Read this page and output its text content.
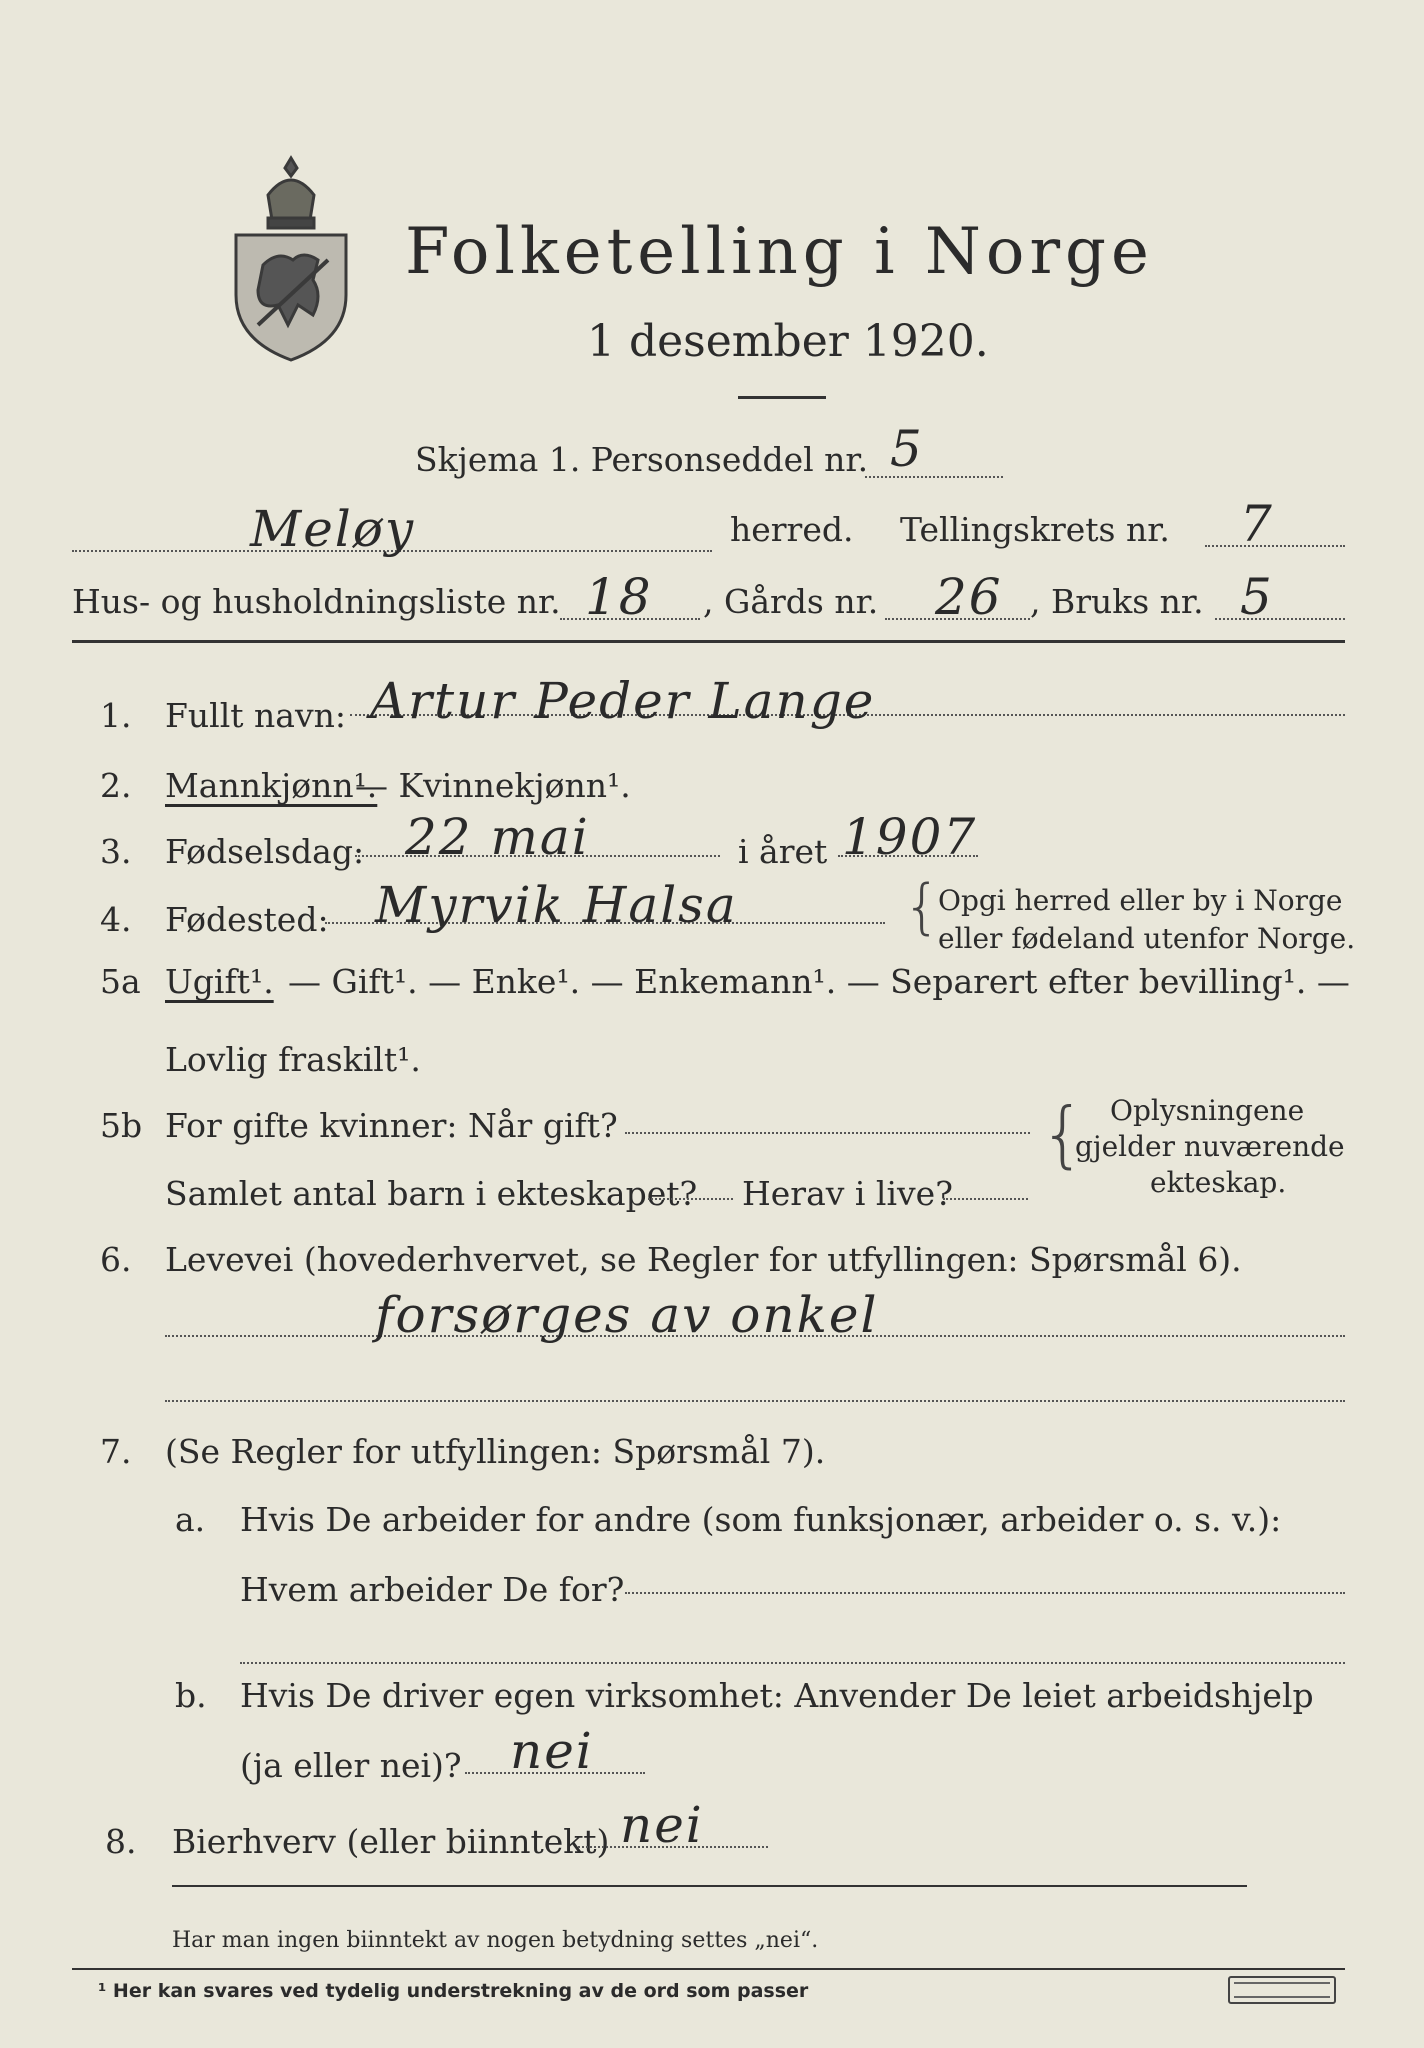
Folketelling i Norge
1 desember 1920.
Skjema 1. Personseddel nr. 5
Meløy	herred. Tellingskrets nr. 7
Hus- og husholdningsliste nr. 18 , Gårds nr. 26 , Bruks nr. 5
1. Fullt navn: Artur Peder Lange
2. Mannkjønn¹.
— Kvinnekjønn¹.
3. Fødselsdag: 22 mai	i året 1907
4. Fødested: Myrvik Halsa	{
Opgi herred eller by i Norge
eller fødeland utenfor Norge.
5a Ugift¹. — Gift¹. — Enke¹. — Enkemann¹. — Separert efter bevilling¹. —
Lovlig fraskilt¹.
5b For gifte kvinner: Når gift?
Samlet antal barn i ekteskapet? Herav i live?
{ Oplysningene
gjelder nuværende
ekteskap.
6. Levevei (hovederhvervet, se Regler for utfyllingen: Spørsmål 6).
forsørges av onkel
7. (Se Regler for utfyllingen: Spørsmål 7).
a. Hvis De arbeider for andre (som funksjonær, arbeider o. s. v.):
Hvem arbeider De for?
b. Hvis De driver egen virksomhet: Anvender De leiet arbeidshjelp
(ja eller nei)? nei
8. Bierhverv (eller biinntekt) nei
Har man ingen biinntekt av nogen betydning settes „nei“.
¹ Her kan svares ved tydelig understrekning av de ord som passer
